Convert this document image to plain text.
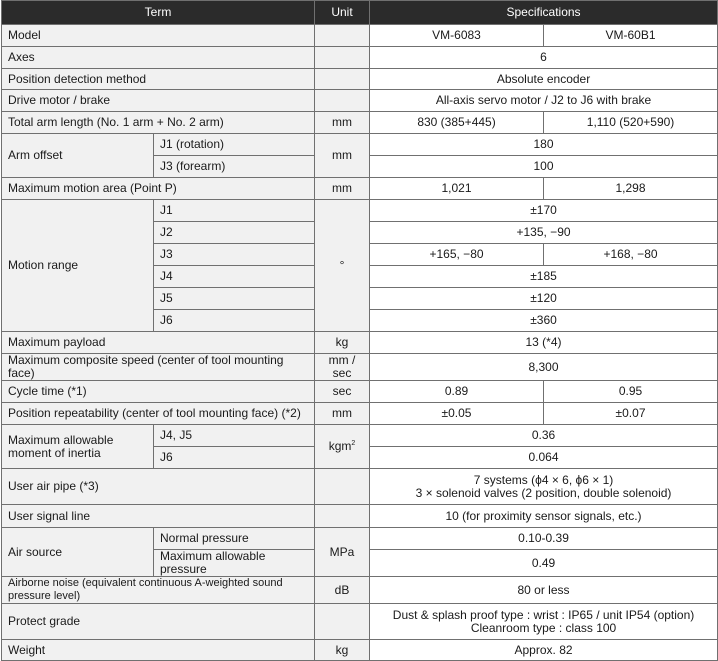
Term		Unit	Specifications	
Model			VM-6083	VM-60B1
Axes			6	
Position detection method			Absolute encoder	
Drive motor / brake			All-axis servo motor / J2 to J6 with brake	
Total arm length (No. 1 arm + No. 2 arm)		mm	830 (385+445)	1,110 (520+590)
Arm offset	J1 (rotation)	mm	180	
	J3 (forearm)		100	
Maximum motion area (Point P)		mm	1,021	1,298
Motion range	J1	°	±170	
	J2		+135, −90	
	J3		+165, −80	+168, −80
	J4		±185	
	J5		±120	
	J6		±360	
Maximum payload		kg	13 (*4)	
Maximum composite speed (center of tool mounting face)		mm / sec	8,300	
Cycle time (*1)		sec	0.89	0.95
Position repeatability (center of tool mounting face) (*2)		mm	±0.05	±0.07
Maximum allowable moment of inertia	J4, J5	kgm$^2$	0.36	
	J6		0.064	
User air pipe (*3)			7 systems (ϕ4 × 6, ϕ6 × 1)
3 × solenoid valves (2 position, double solenoid)	

User signal line			10 (for proximity sensor signals, etc.)	
Air source	Normal pressure	MPa	0.10-0.39	
	Maximum allowable pressure		0.49	
Airborne noise (equivalent continuous A-weighted sound pressure level)		dB	80 or less	
Protect grade			Dust & splash proof type : wrist : IP65 / unit IP54 (option)
Cleanroom type : class 100	

Weight		kg	Approx. 82	
